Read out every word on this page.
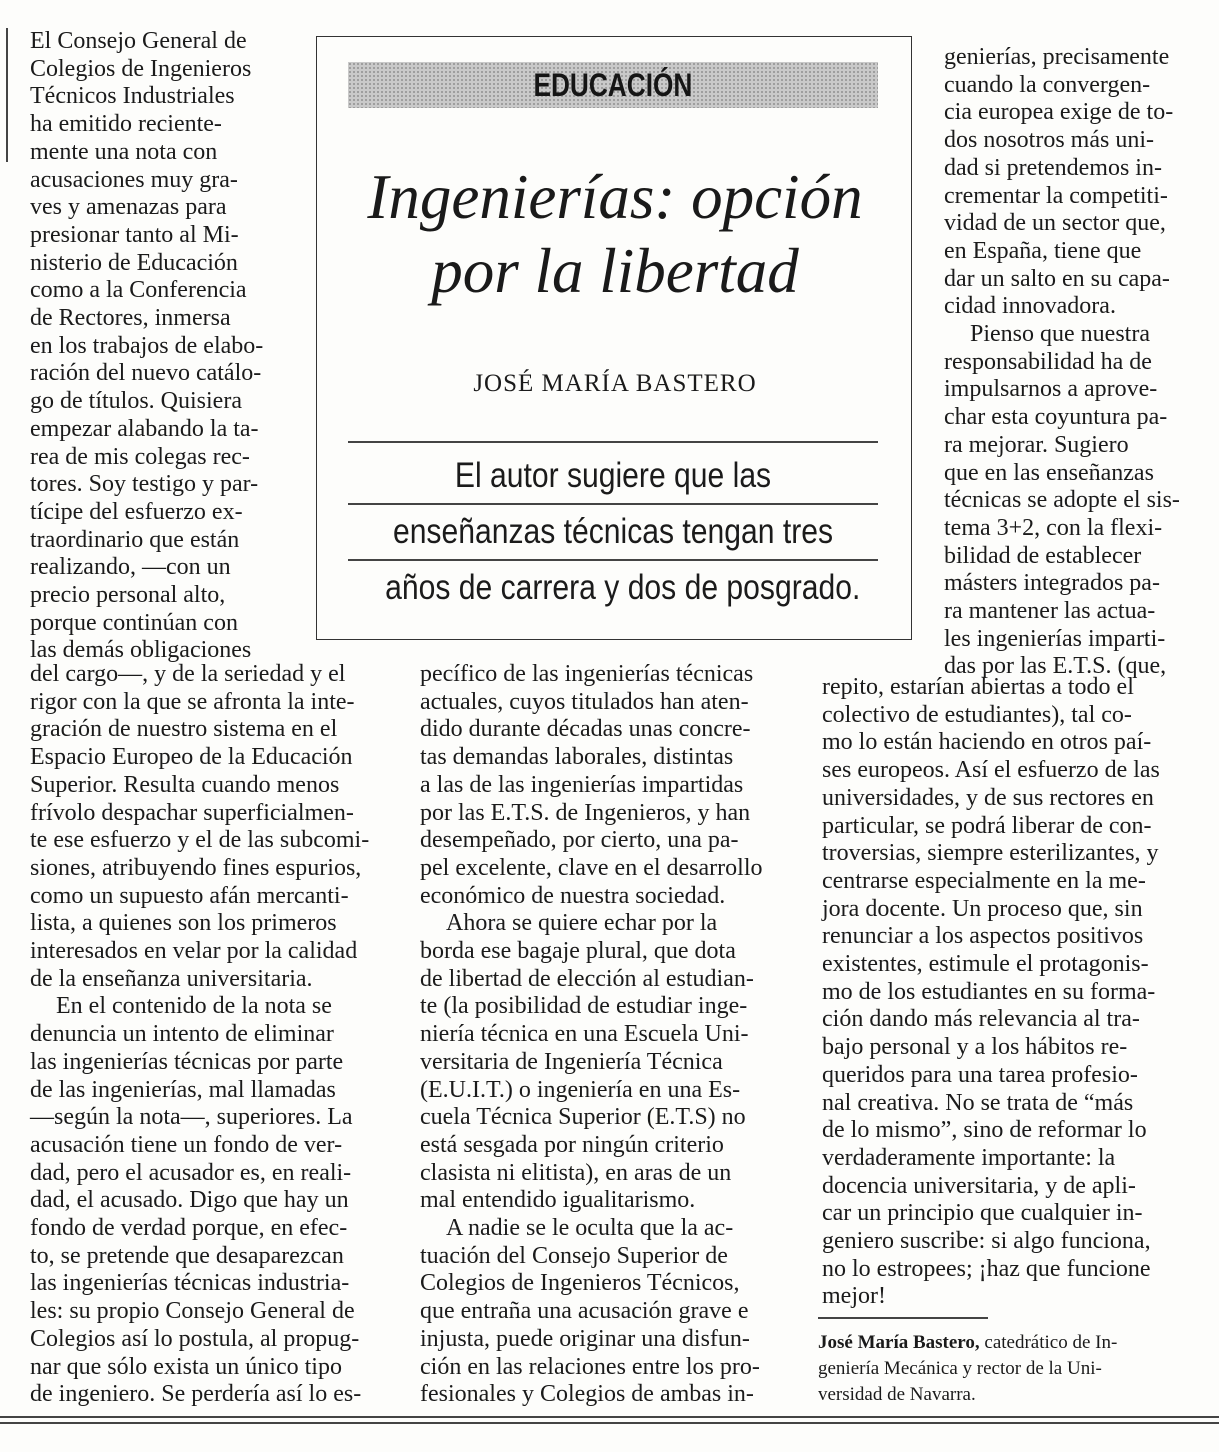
EDUCACIÓN
Ingenierías: opción
por la libertad
JOSÉ MARÍA BASTERO
El autor sugiere que las
enseñanzas técnicas tengan tres
años de carrera y dos de posgrado.
El Consejo General de
Colegios de Ingenieros
Técnicos Industriales
ha emitido reciente-
mente una nota con
acusaciones muy gra-
ves y amenazas para
presionar tanto al Mi-
nisterio de Educación
como a la Conferencia
de Rectores, inmersa
en los trabajos de elabo-
ración del nuevo catálo-
go de títulos. Quisiera
empezar alabando la ta-
rea de mis colegas rec-
tores. Soy testigo y par-
tícipe del esfuerzo ex-
traordinario que están
realizando, —con un
precio personal alto,
porque continúan con
las demás obligaciones
del cargo—, y de la seriedad y el
rigor con la que se afronta la inte-
gración de nuestro sistema en el
Espacio Europeo de la Educación
Superior. Resulta cuando menos
frívolo despachar superficialmen-
te ese esfuerzo y el de las subcomi-
siones, atribuyendo fines espurios,
como un supuesto afán mercanti-
lista, a quienes son los primeros
interesados en velar por la calidad
de la enseñanza universitaria.
En el contenido de la nota se
denuncia un intento de eliminar
las ingenierías técnicas por parte
de las ingenierías, mal llamadas
—según la nota—, superiores. La
acusación tiene un fondo de ver-
dad, pero el acusador es, en reali-
dad, el acusado. Digo que hay un
fondo de verdad porque, en efec-
to, se pretende que desaparezcan
las ingenierías técnicas industria-
les: su propio Consejo General de
Colegios así lo postula, al propug-
nar que sólo exista un único tipo
de ingeniero. Se perdería así lo es-
pecífico de las ingenierías técnicas
actuales, cuyos titulados han aten-
dido durante décadas unas concre-
tas demandas laborales, distintas
a las de las ingenierías impartidas
por las E.T.S. de Ingenieros, y han
desempeñado, por cierto, una pa-
pel excelente, clave en el desarrollo
económico de nuestra sociedad.
Ahora se quiere echar por la
borda ese bagaje plural, que dota
de libertad de elección al estudian-
te (la posibilidad de estudiar inge-
niería técnica en una Escuela Uni-
versitaria de Ingeniería Técnica
(E.U.I.T.) o ingeniería en una Es-
cuela Técnica Superior (E.T.S) no
está sesgada por ningún criterio
clasista ni elitista), en aras de un
mal entendido igualitarismo.
A nadie se le oculta que la ac-
tuación del Consejo Superior de
Colegios de Ingenieros Técnicos,
que entraña una acusación grave e
injusta, puede originar una disfun-
ción en las relaciones entre los pro-
fesionales y Colegios de ambas in-
genierías, precisamente
cuando la convergen-
cia europea exige de to-
dos nosotros más uni-
dad si pretendemos in-
crementar la competiti-
vidad de un sector que,
en España, tiene que
dar un salto en su capa-
cidad innovadora.
Pienso que nuestra
responsabilidad ha de
impulsarnos a aprove-
char esta coyuntura pa-
ra mejorar. Sugiero
que en las enseñanzas
técnicas se adopte el sis-
tema 3+2, con la flexi-
bilidad de establecer
másters integrados pa-
ra mantener las actua-
les ingenierías imparti-
das por las E.T.S. (que,
repito, estarían abiertas a todo el
colectivo de estudiantes), tal co-
mo lo están haciendo en otros paí-
ses europeos. Así el esfuerzo de las
universidades, y de sus rectores en
particular, se podrá liberar de con-
troversias, siempre esterilizantes, y
centrarse especialmente en la me-
jora docente. Un proceso que, sin
renunciar a los aspectos positivos
existentes, estimule el protagonis-
mo de los estudiantes en su forma-
ción dando más relevancia al tra-
bajo personal y a los hábitos re-
queridos para una tarea profesio-
nal creativa. No se trata de “más
de lo mismo”, sino de reformar lo
verdaderamente importante: la
docencia universitaria, y de apli-
car un principio que cualquier in-
geniero suscribe: si algo funciona,
no lo estropees; ¡haz que funcione
mejor!
José María Bastero, catedrático de In-
geniería Mecánica y rector de la Uni-
versidad de Navarra.
